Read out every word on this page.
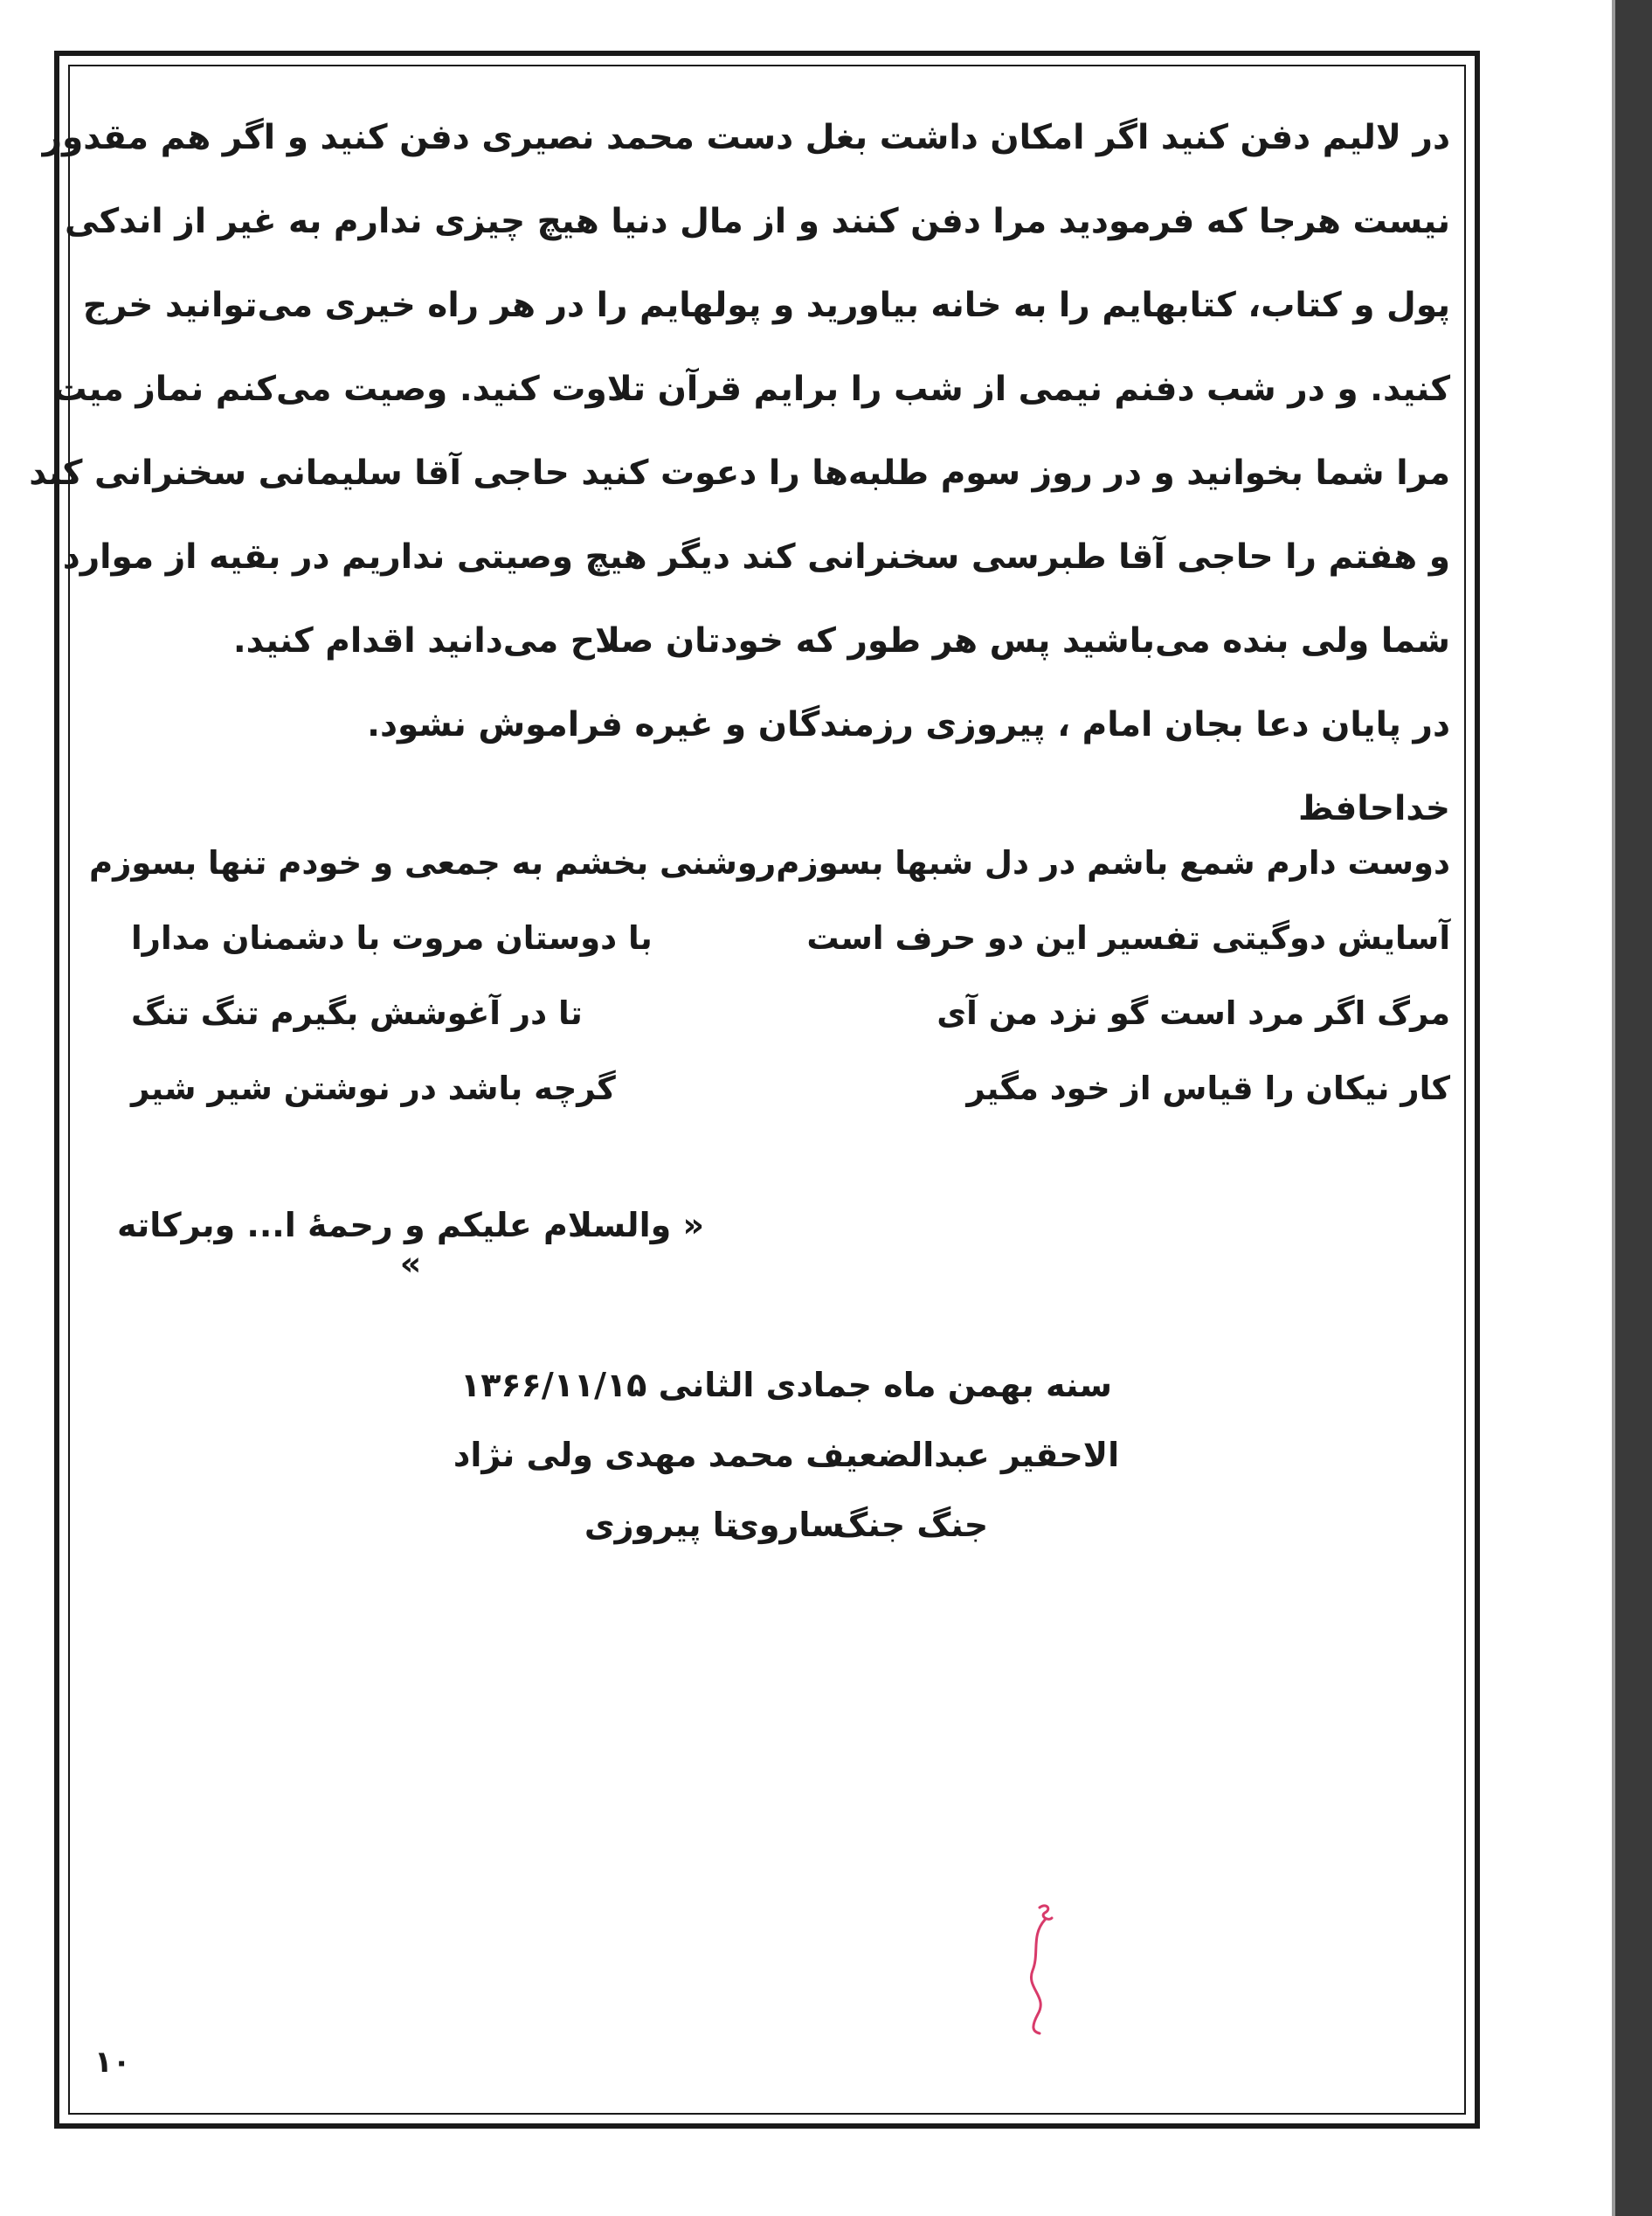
در لالیم دفن کنید اگر امکان داشت بغل دست محمد نصیری دفن کنید و اگر هم مقدور
نیست هرجا که فرمودید مرا دفن کنند و از مال دنیا هیچ چیزی ندارم به غیر از اندکی
پول و کتاب، کتابهایم را به خانه بیاورید و پولهایم را در هر راه خیری می‌توانید خرج
کنید. و در شب دفنم نیمی از شب را برایم قرآن تلاوت کنید. وصیت می‌کنم نماز میت
مرا شما بخوانید و در روز سوم طلبه‌ها را دعوت کنید حاجی آقا سلیمانی سخنرانی کند
و هفتم را حاجی آقا طبرسی سخنرانی کند دیگر هیچ وصیتی نداریم در بقیه از موارد
شما ولی بنده می‌باشید پس هر طور که خودتان صلاح می‌دانید اقدام کنید.
در پایان دعا بجان امام ، پیروزی رزمندگان و غیره فراموش نشود.
خداحافظ
دوست دارم شمع باشم در دل شبها بسوزم
روشنی بخشم به جمعی و خودم تنها بسوزم
آسایش دوگیتی تفسیر این دو حرف است
با دوستان مروت با دشمنان مدارا
مرگ اگر مرد است گو نزد من آی
تا در آغوشش بگیرم تنگ تنگ
کار نیکان را قیاس از خود مگیر
گرچه باشد در نوشتن شیر شیر
« والسلام علیکم و رحمهٔ ا... وبرکاته »
سنه بهمن ماه جمادی الثانی ۱۳۶۶/۱۱/۱۵
الاحقیر عبدالضعیف محمد مهدی ولی نژاد ساروی
جنگ جنگ
تا پیروزی
۱۰
